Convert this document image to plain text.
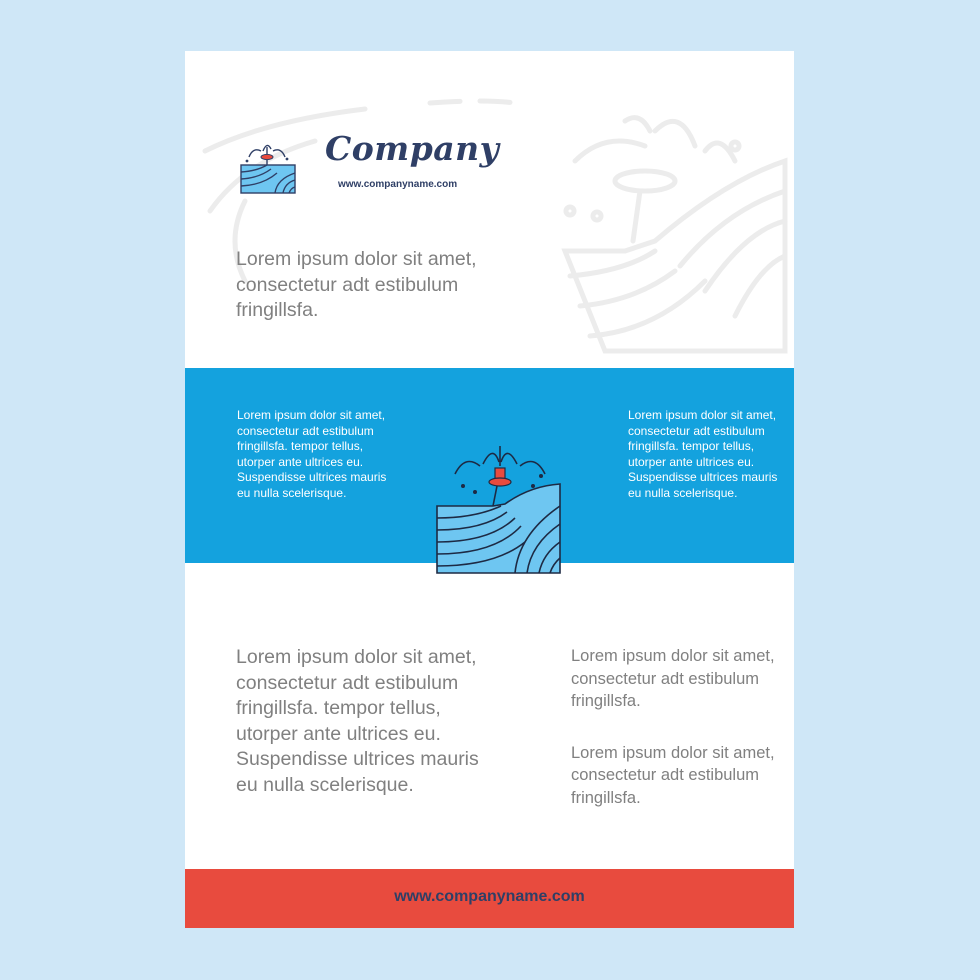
Company
www.companyname.com

Lorem ipsum dolor sit amet, consectetur adt estibulum fringillsfa.

Lorem ipsum dolor sit amet, consectetur adt estibulum fringillsfa. tempor tellus, utorper ante ultrices eu. Suspendisse ultrices mauris eu nulla scelerisque.

Lorem ipsum dolor sit amet, consectetur adt estibulum fringillsfa. tempor tellus, utorper ante ultrices eu. Suspendisse ultrices mauris eu nulla scelerisque.

Lorem ipsum dolor sit amet, consectetur adt estibulum fringillsfa. tempor tellus, utorper ante ultrices eu. Suspendisse ultrices mauris eu nulla scelerisque.

Lorem ipsum dolor sit amet, consectetur adt estibulum fringillsfa.

Lorem ipsum dolor sit amet, consectetur adt estibulum fringillsfa.

www.companyname.com
